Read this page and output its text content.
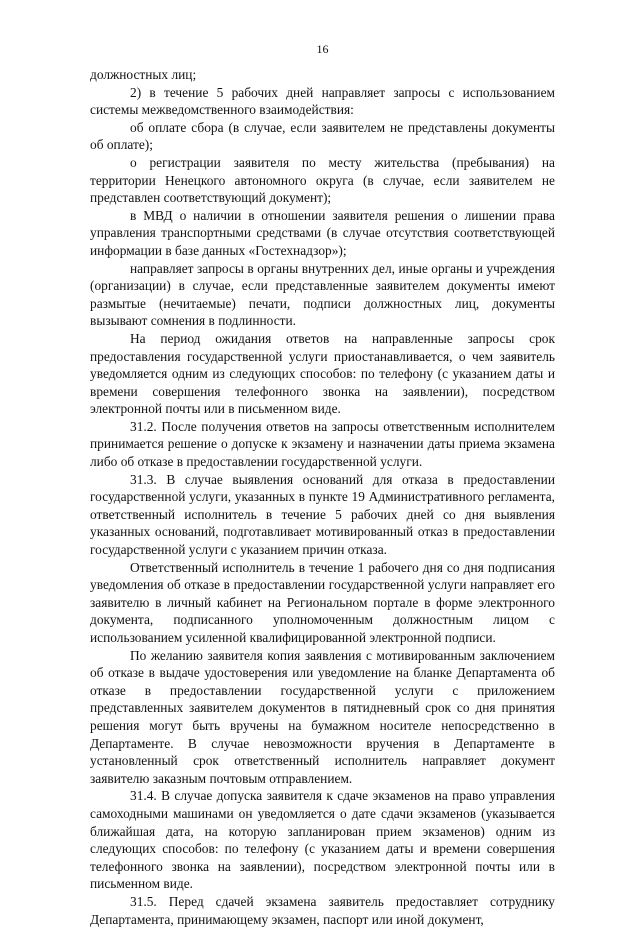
16

должностных лиц;

2) в течение 5 рабочих дней направляет запросы с использованием системы межведомственного взаимодействия:

об оплате сбора (в случае, если заявителем не представлены документы об оплате);

о регистрации заявителя по месту жительства (пребывания) на территории Ненецкого автономного округа (в случае, если заявителем не представлен соответствующий документ);

в МВД о наличии в отношении заявителя решения о лишении права управления транспортными средствами (в случае отсутствия соответствующей информации в базе данных «Гостехнадзор»);

направляет запросы в органы внутренних дел, иные органы и учреждения (организации) в случае, если представленные заявителем документы имеют размытые (нечитаемые) печати, подписи должностных лиц, документы вызывают сомнения в подлинности.

На период ожидания ответов на направленные запросы срок предоставления государственной услуги приостанавливается, о чем заявитель уведомляется одним из следующих способов: по телефону (с указанием даты и времени совершения телефонного звонка на заявлении), посредством электронной почты или в письменном виде.

31.2. После получения ответов на запросы ответственным исполнителем принимается решение о допуске к экзамену и назначении даты приема экзамена либо об отказе в предоставлении государственной услуги.

31.3. В случае выявления оснований для отказа в предоставлении государственной услуги, указанных в пункте 19 Административного регламента, ответственный исполнитель в течение 5 рабочих дней со дня выявления указанных оснований, подготавливает мотивированный отказ в предоставлении государственной услуги с указанием причин отказа.

Ответственный исполнитель в течение 1 рабочего дня со дня подписания уведомления об отказе в предоставлении государственной услуги направляет его заявителю в личный кабинет на Региональном портале в форме электронного документа, подписанного уполномоченным должностным лицом с использованием усиленной квалифицированной электронной подписи.

По желанию заявителя копия заявления с мотивированным заключением об отказе в выдаче удостоверения или уведомление на бланке Департамента об отказе в предоставлении государственной услуги с приложением представленных заявителем документов в пятидневный срок со дня принятия решения могут быть вручены на бумажном носителе непосредственно в Департаменте. В случае невозможности вручения в Департаменте в установленный срок ответственный исполнитель направляет документ заявителю заказным почтовым отправлением.

31.4. В случае допуска заявителя к сдаче экзаменов на право управления самоходными машинами он уведомляется о дате сдачи экзаменов (указывается ближайшая дата, на которую запланирован прием экзаменов) одним из следующих способов: по телефону (с указанием даты и времени совершения телефонного звонка на заявлении), посредством электронной почты или в письменном виде.

31.5. Перед сдачей экзамена заявитель предоставляет сотруднику Департамента, принимающему экзамен, паспорт или иной документ,
